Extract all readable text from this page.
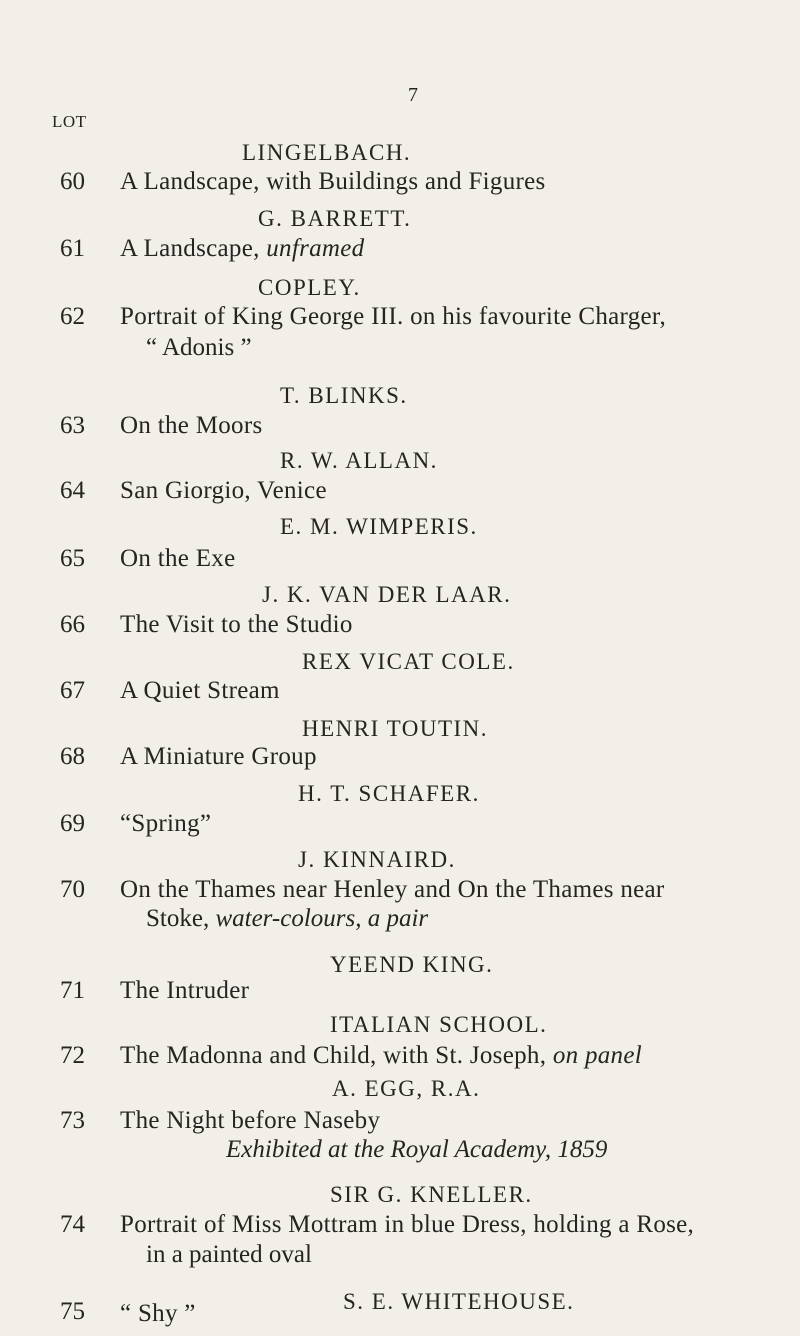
LOT
7
LINGELBACH.
60 A Landscape, with Buildings and Figures
G. BARRETT.
61 A Landscape, unframed
COPLEY.
62 Portrait of King George III. on his favourite Charger,
“ Adonis ”
T. BLINKS.
63 On the Moors
R. W. ALLAN.
64 San Giorgio, Venice
E. M. WIMPERIS.
65 On the Exe
J. K. VAN DER LAAR.
66 The Visit to the Studio
REX VICAT COLE.
67 A Quiet Stream
HENRI TOUTIN.
68 A Miniature Group
H. T. SCHAFER.
69 “Spring”
J. KINNAIRD.
70 On the Thames near Henley and On the Thames near
Stoke, water-colours, a pair
YEEND KING.
71 The Intruder
ITALIAN SCHOOL.
72 The Madonna and Child, with St. Joseph, on panel
A. EGG, R.A.
73 The Night before Naseby
Exhibited at the Royal Academy, 1859
SIR G. KNELLER.
74 Portrait of Miss Mottram in blue Dress, holding a Rose,
in a painted oval
S. E. WHITEHOUSE.
75 “ Shy ”
